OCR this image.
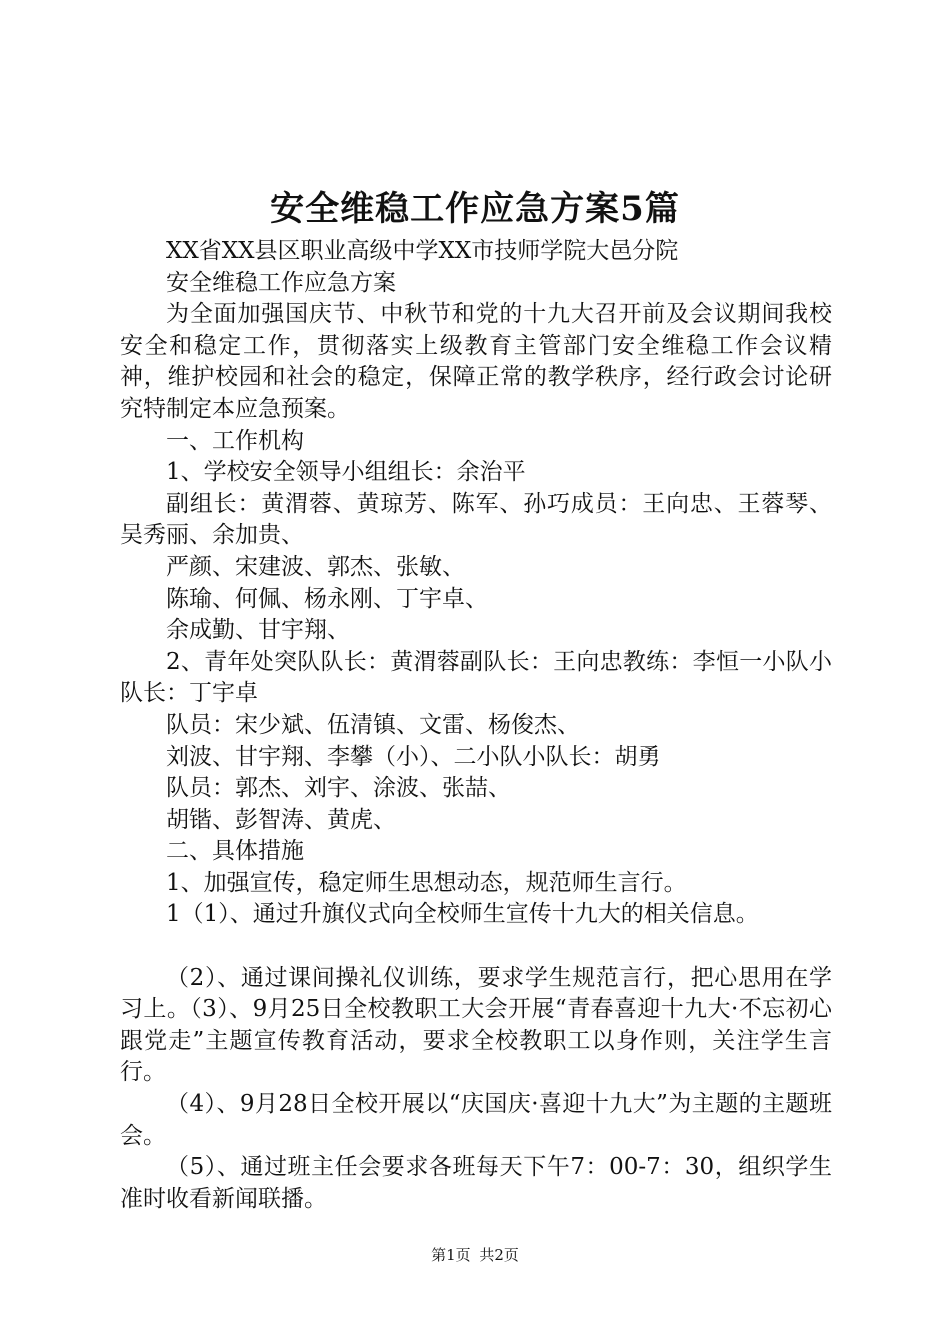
安全维稳工作应急方案5篇

XX省XX县区职业高级中学XX市技师学院大邑分院

安全维稳工作应急方案

为全面加强国庆节、中秋节和党的十九大召开前及会议期间我校安全和稳定工作，贯彻落实上级教育主管部门安全维稳工作会议精神，维护校园和社会的稳定，保障正常的教学秩序，经行政会讨论研究特制定本应急预案。

一、工作机构

1、学校安全领导小组组长：余治平

副组长：黄渭蓉、黄琼芳、陈军、孙巧成员：王向忠、王蓉琴、吴秀丽、余加贵、

严颜、宋建波、郭杰、张敏、

陈瑜、何佩、杨永刚、丁宇卓、

余成勤、甘宇翔、

2、青年处突队队长：黄渭蓉副队长：王向忠教练：李恒一小队小队长：丁宇卓

队员：宋少斌、伍清镇、文雷、杨俊杰、

刘波、甘宇翔、李攀（小）、二小队小队长：胡勇

队员：郭杰、刘宇、涂波、张喆、

胡锴、彭智涛、黄虎、

二、具体措施

1、加强宣传，稳定师生思想动态，规范师生言行。

1（1）、通过升旗仪式向全校师生宣传十九大的相关信息。

（2）、通过课间操礼仪训练，要求学生规范言行，把心思用在学习上。（3）、9月25日全校教职工大会开展“青春喜迎十九大·不忘初心跟党走”主题宣传教育活动，要求全校教职工以身作则，关注学生言行。

（4）、9月28日全校开展以“庆国庆·喜迎十九大”为主题的主题班会。

（5）、通过班主任会要求各班每天下午7：00-7：30，组织学生准时收看新闻联播。

第1页 共2页
